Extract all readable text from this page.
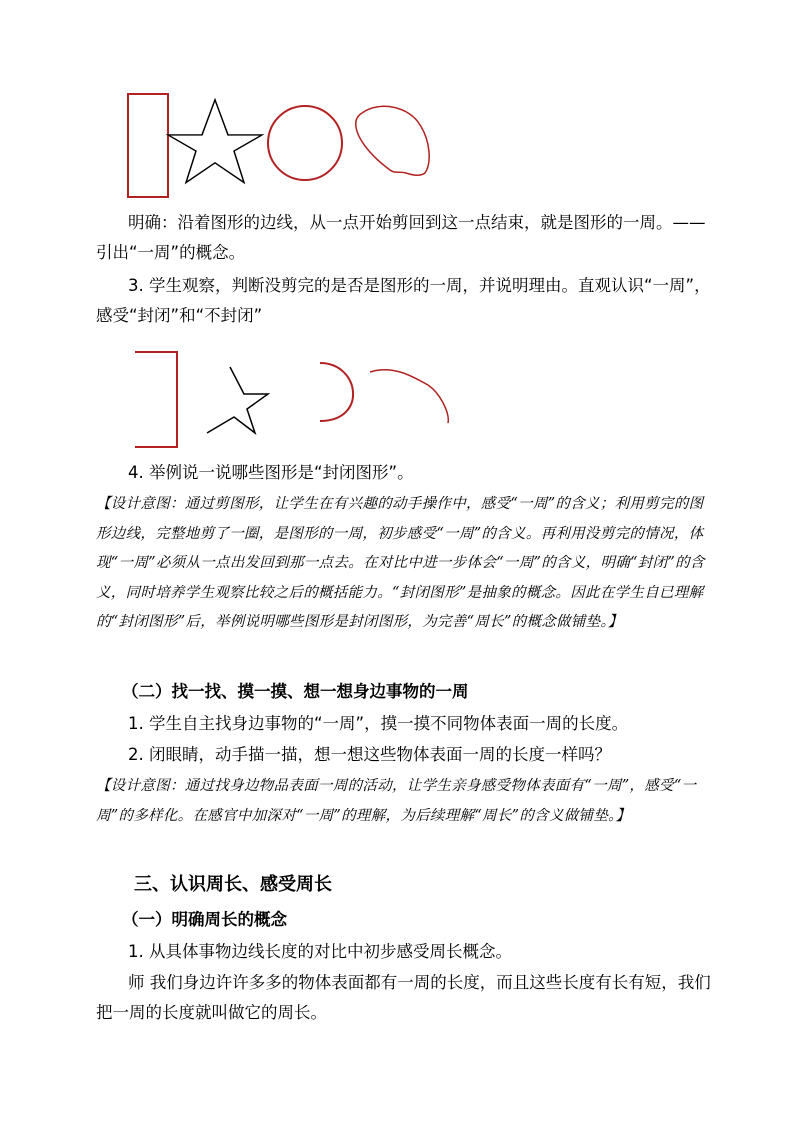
明确：沿着图形的边线，从一点开始剪回到这一点结束，就是图形的一周。——引出“一周”的概念。
3. 学生观察，判断没剪完的是否是图形的一周，并说明理由。直观认识“一周”，感受“封闭”和“不封闭”
4. 举例说一说哪些图形是“封闭图形”。
【设计意图：通过剪图形，让学生在有兴趣的动手操作中，感受“一周”的含义；利用剪完的图形边线，完整地剪了一圈，是图形的一周，初步感受“一周”的含义。再利用没剪完的情况，体现“一周”必须从一点出发回到那一点去。在对比中进一步体会“一周”的含义，明确“封闭”的含义，同时培养学生观察比较之后的概括能力。“封闭图形”是抽象的概念。因此在学生自已理解的“封闭图形”后，举例说明哪些图形是封闭图形，为完善“周长”的概念做铺垫。】
（二）找一找、摸一摸、想一想身边事物的一周
1. 学生自主找身边事物的“一周”，摸一摸不同物体表面一周的长度。
2. 闭眼睛，动手描一描，想一想这些物体表面一周的长度一样吗？
【设计意图：通过找身边物品表面一周的活动，让学生亲身感受物体表面有“一周”，感受“一周”的多样化。在感官中加深对“一周”的理解，为后续理解“周长”的含义做铺垫。】
三、认识周长、感受周长
（一）明确周长的概念
1. 从具体事物边线长度的对比中初步感受周长概念。
师 我们身边许许多多的物体表面都有一周的长度，而且这些长度有长有短，我们把一周的长度就叫做它的周长。
